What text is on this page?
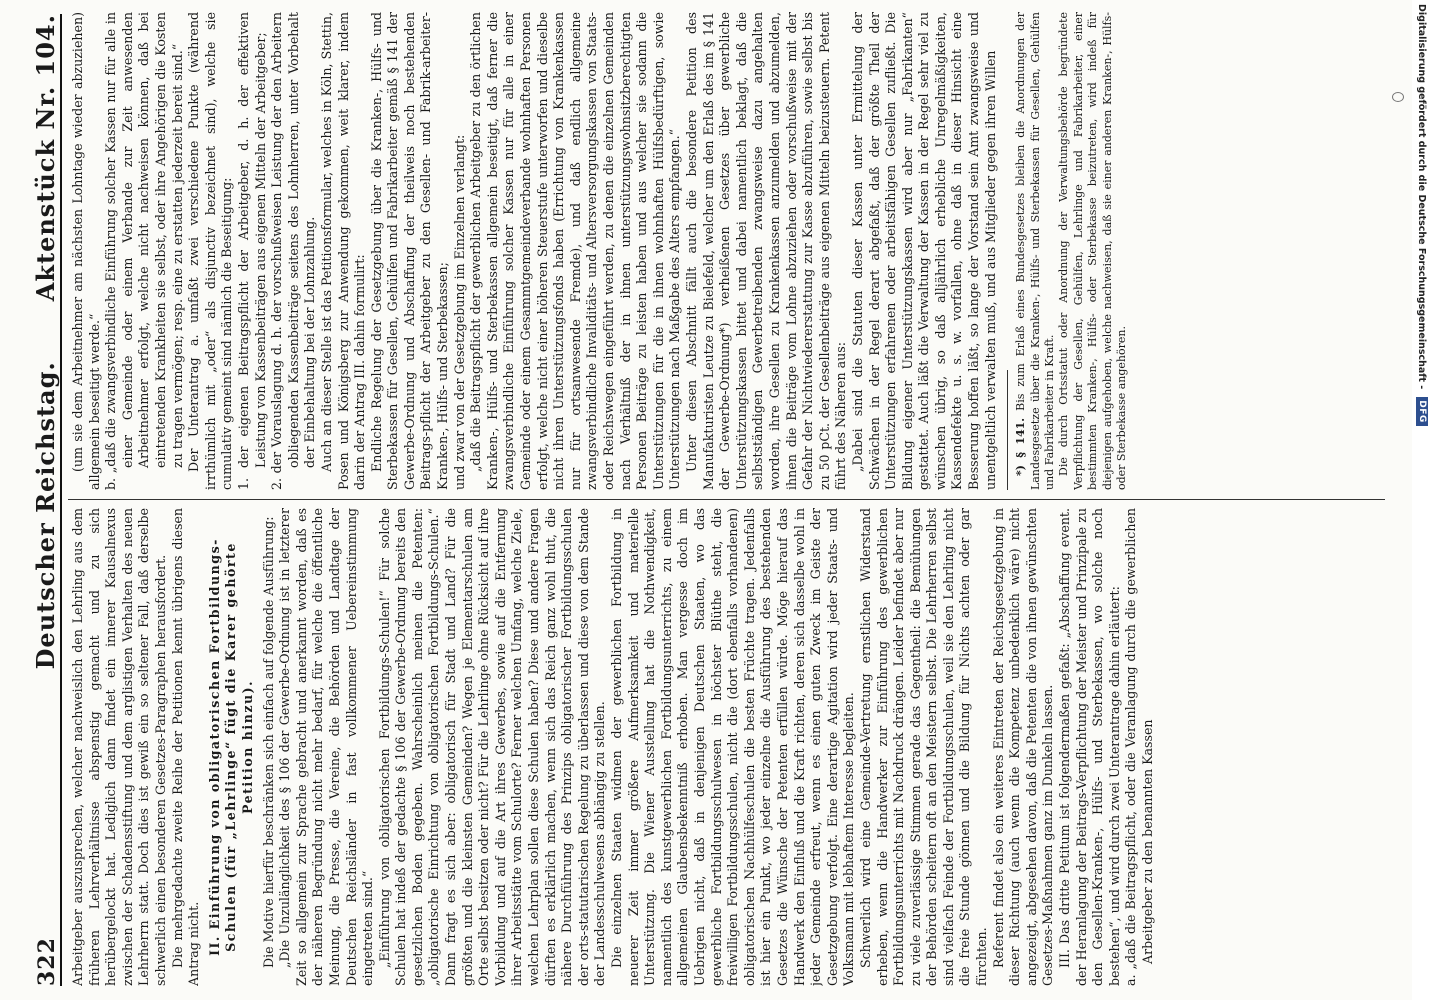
322
Deutscher Reichstag.
Aktenstück Nr. 104.

Arbeitgeber auszusprechen, welcher nachweislich den Lehrling aus dem früheren Lehrverhältnisse abspenstig gemacht und zu sich herübergelockt hat. Lediglich dann findet ein innerer Kausalnexus zwischen der Schadensstiftung und dem arglistigen Verhalten des neuen Lehrherrn statt. Doch dies ist gewiß ein so seltener Fall, daß derselbe schwerlich einen besonderen Gesetzes-Paragraphen herausfordert. Die mehrgedachte zweite Reihe der Petitionen kennt übrigens diesen Antrag nicht. II. Einführung von obligatorischen Fortbildungs-Schulen (für „Lehrlinge“ fügt die Karer gehörte Petition hinzu). Die Motive hierfür beschränken sich einfach auf folgende Ausführung: „Die Unzulänglichkeit des § 106 der Gewerbe-Ordnung ist in letzterer Zeit so allgemein zur Sprache gebracht und anerkannt worden, daß es der näheren Begründung nicht mehr bedarf, für welche die öffentliche Meinung, die Presse, die Vereine, die Behörden und Landtage der Deutschen Reichsländer in fast vollkommener Uebereinstimmung eingetreten sind.“ „Einführung von obligatorischen Fortbildungs-Schulen!“ Für solche Schulen hat indeß der gedachte § 106 der Gewerbe-Ordnung bereits den gesetzlichen Boden gegeben. Wahrscheinlich meinen die Petenten: „obligatorische Einrichtung von obligatorischen Fortbildungs-Schulen.“ Dann fragt es sich aber: obligatorisch für Stadt und Land? Für die größten und die kleinsten Gemeinden? Wegen je Elementarschulen am Orte selbst besitzen oder nicht? Für die Lehrlinge ohne Rücksicht auf ihre Vorbildung und auf die Art ihres Gewerbes, sowie auf die Entfernung ihrer Arbeitsstätte vom Schulorte? Ferner welchen Umfang, welche Ziele, welchen Lehrplan sollen diese Schulen haben? Diese und andere Fragen dürften es erklärlich machen, wenn sich das Reich ganz wohl thut, die nähere Durchführung des Prinzips obligatorischer Fortbildungsschulen der orts-statutarischen Regelung zu überlassen und diese von dem Stande der Landesschulwesens abhängig zu stellen. Die einzelnen Staaten widmen der gewerblichen Fortbildung in neuerer Zeit immer größere Aufmerksamkeit und materielle Unterstützung. Die Wiener Ausstellung hat die Nothwendigkeit, namentlich des kunstgewerblichen Fortbildungsunterrichts, zu einem allgemeinen Glaubensbekenntniß erhoben. Man vergesse doch im Uebrigen nicht, daß in denjenigen Deutschen Staaten, wo das gewerbliche Fortbildungsschulwesen in höchster Blüthe steht, die freiwilligen Fortbildungsschulen, nicht die (dort ebenfalls vorhandenen) obligatorischen Nachhülfeschulen die besten Früchte tragen. Jedenfalls ist hier ein Punkt, wo jeder einzelne die Ausführung des bestehenden Gesetzes die Wünsche der Petenten erfüllen würde. Möge hierauf das Handwerk den Einfluß und die Kraft richten, deren sich dasselbe wohl in jeder Gemeinde erfreut, wenn es einen guten Zweck im Geiste der Gesetzgebung verfolgt. Eine derartige Agitation wird jeder Staats- und Volksmann mit lebhaftem Interesse begleiten. Schwerlich wird eine Gemeinde-Vertretung ernstlichen Widerstand erheben, wenn die Handwerker zur Einführung des gewerblichen Fortbildungsunterrichts mit Nachdruck drängen. Leider befindet aber nur zu viele zuverlässige Stimmen gerade das Gegentheil: die Bemühungen der Behörden scheitern oft an den Meistern selbst. Die Lehrherren selbst sind vielfach Feinde der Fortbildungsschulen, weil sie den Lehrling nicht die freie Stunde gönnen und die Bildung für Nichts achten oder gar fürchten. Referent findet also ein weiteres Eintreten der Reichsgesetzgebung in dieser Richtung (auch wenn die Kompetenz unbedenklich wäre) nicht angezeigt, abgesehen davon, daß die Petenten die von ihnen gewünschten Gesetzes-Maßnahmen ganz im Dunkeln lassen. III. Das dritte Petitum ist folgendermaßen gefaßt: „Abschaffung event. der Heranlagung der Beitrags-Verpflichtung der Meister und Prinzipale zu den Gesellen-Kranken-, Hülfs- und Sterbekassen, wo solche noch bestehen“, und wird durch zwei Unterantrage dahin erläutert: a. „daß die Beitragspflicht, oder die Veranlagung durch die gewerblichen Arbeitgeber zu den benannten Kassen

(um sie dem Arbeitnehmer am nächsten Lohntage wieder abzuziehen) allgemein beseitigt werde.“ b. „daß die zwangsverbindliche Einführung solcher Kassen nur für alle in einer Gemeinde oder einem Verbande zur Zeit anwesenden Arbeitnehmer erfolgt, welche nicht nachweisen können, daß bei eintretenden Krankheiten sie selbst, oder ihre Angehörigen die Kosten zu tragen vermögen; resp. eine zu erstatten jederzeit bereit sind.“ Der Unterantrag a. umfaßt zwei verschiedene Punkte (während irrthümlich mit „oder“ als disjunctiv bezeichnet sind), welche sie cumulativ gemeint sind nämlich die Beseitigung: 1. der eigenen Beitragspflicht der Arbeitgeber, d. h. der effektiven Leistung von Kassenbeiträgen aus eigenen Mitteln der Arbeitgeber; 2. der Vorauslagung d. h. der vorschußweisen Leistung der den Arbeitern obliegenden Kassenbeiträge seitens des Lohnherren, unter Vorbehalt der Einbehaltung bei der Lohnzahlung. Auch an dieser Stelle ist das Petitionsformular, welches in Köln, Stettin, Posen und Königsberg zur Anwendung gekommen, weit klarer, indem darin der Antrag III. dahin formulirt: Endliche Regelung der Gesetzgebung über die Kranken-, Hülfs- und Sterbekassen für Gesellen, Gehülfen und Fabrikarbeiter gemäß § 141 der Gewerbe-Ordnung und Abschaffung der theilweis noch bestehenden Beitrags-pflicht der Arbeitgeber zu den Gesellen- und Fabrik-arbeiter-Kranken-, Hülfs- und Sterbekassen; und zwar von der Gesetzgebung im Einzelnen verlangt: „daß die Beitragspflicht der gewerblichen Arbeitgeber zu den örtlichen Kranken-, Hülfs- und Sterbekassen allgemein beseitigt, daß ferner die zwangsverbindliche Einführung solcher Kassen nur für alle in einer Gemeinde oder einem Gesammtgemeindeverbande wohnhaften Personen erfolgt, welche nicht einer höheren Steuerstufe unterworfen und dieselbe nicht ihren Unterstützungsfonds haben (Errichtung von Krankenkassen nur für ortsanwesende Fremde), und daß endlich allgemeine zwangsverbindliche Invaliditäts- und Altersversorgungskassen von Staats- oder Reichswegen eingeführt werden, zu denen die einzelnen Gemeinden nach Verhältniß der in ihnen unterstützungswohnsitzberechtigten Personen Beiträge zu leisten haben und aus welcher sie sodann die Unterstützungen für die in ihnen wohnhaften Hülfsbedürftigen, sowie Unterstützungen nach Maßgabe des Alters empfangen.“ Unter diesen Abschnitt fällt auch die besondere Petition des Manufakturisten Leutze zu Bielefeld, welcher um den Erlaß des im § 141 der Gewerbe-Ordnung*) verheißenen Gesetzes über gewerbliche Unterstützungskassen bittet und dabei namentlich beklagt, daß die selbstständigen Gewerbetreibenden zwangsweise dazu angehalten worden, ihre Gesellen zu Krankenkassen anzumelden und abzumelden, ihnen die Beiträge vom Lohne abzuziehen oder vorschußweise mit der Gefahr der Nichtwiedererstattung zur Kasse abzuführen, sowie selbst bis zu 50 pCt. der Gesellenbeiträge aus eigenen Mitteln beizusteuern. Petent führt des Näheren aus: „Dabei sind die Statuten dieser Kassen unter Ermittelung der Schwächen in der Regel derart abgefaßt, daß der größte Theil der Unterstützungen erfahrenen oder arbeitsfähigen Gesellen zufließt. Die Bildung eigener Unterstützungskassen wird aber nur „Fabrikanten“ gestattet. Auch läßt die Verwaltung der Kassen in der Regel sehr viel zu wünschen übrig, so daß alljährlich erhebliche Unregelmäßigkeiten, Kassendefekte u. s. w. vorfallen, ohne daß in dieser Hinsicht eine Besserung hoffen läßt, so lange der Vorstand sein Amt zwangsweise und unentgeltlich verwalten muß, und aus Mitglieder gegen ihren Willen *) § 141. Bis zum Erlaß eines Bundesgesetzes bleiben die Anordnungen der Landesgesetze über die Kranken-, Hülfs- und Sterbekassen für Gesellen, Gehülfen und Fabrikarbeiter in Kraft. Die durch Ortsstatut oder Anordnung der Verwaltungsbehörde begründete Verpflichtung der Gesellen, Gehülfen, Lehrlinge und Fabrikarbeiter, einer bestimmten Kranken-, Hülfs- oder Sterbekasse beizutreten, wird indeß für diejenigen aufgehoben, welche nachweisen, daß sie einer anderen Kranken-, Hülfs- oder Sterbekasse angehören.

Digitalisierung gefördert durch die Deutsche Forschungsgemeinschaft -
DFG
